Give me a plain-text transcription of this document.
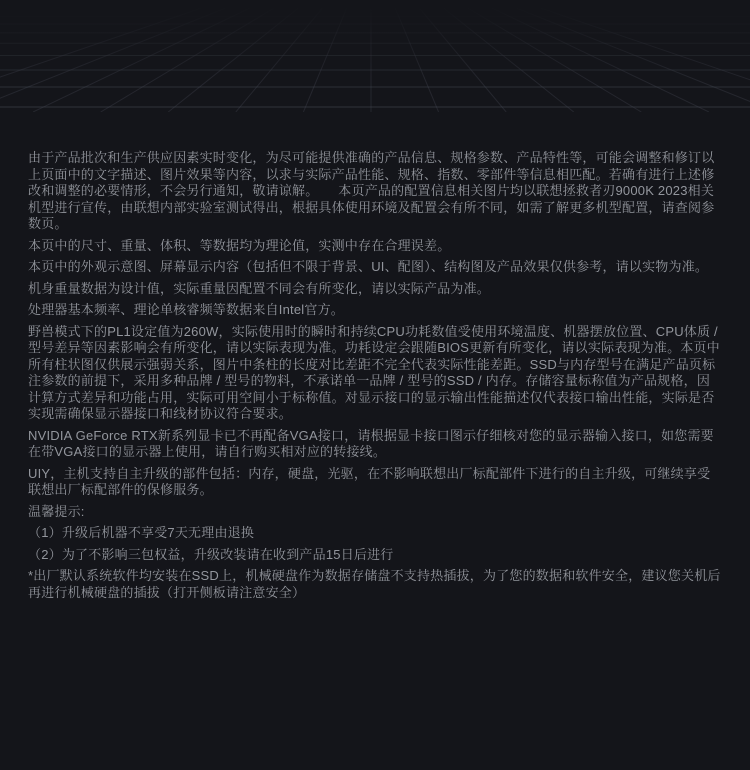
由于产品批次和生产供应因素实时变化，为尽可能提供准确的产品信息、规格参数、产品特性等，可能会调整和修订以上页面中的文字描述、图片效果等内容，以求与实际产品性能、规格、指数、零部件等信息相匹配。若确有进行上述修改和调整的必要情形，不会另行通知，敬请谅解。　　本页产品的配置信息相关图片均以联想拯救者刃9000K 2023相关机型进行宣传，由联想内部实验室测试得出，根据具体使用环境及配置会有所不同，如需了解更多机型配置，请查阅参数页。

本页中的尺寸、重量、体积、等数据均为理论值，实测中存在合理误差。

本页中的外观示意图、屏幕显示内容（包括但不限于背景、UI、配图）、结构图及产品效果仅供参考，请以实物为准。

机身重量数据为设计值，实际重量因配置不同会有所变化，请以实际产品为准。

处理器基本频率、理论单核睿频等数据来自Intel官方。

野兽模式下的PL1设定值为260W，实际使用时的瞬时和持续CPU功耗数值受使用环境温度、机器摆放位置、CPU体质 / 型号差异等因素影响会有所变化，请以实际表现为准。功耗设定会跟随BIOS更新有所变化，请以实际表现为准。本页中所有柱状图仅供展示强弱关系，图片中条柱的长度对比差距不完全代表实际性能差距。SSD与内存型号在满足产品页标注参数的前提下，采用多种品牌 / 型号的物料，不承诺单一品牌 / 型号的SSD / 内存。存储容量标称值为产品规格，因计算方式差异和功能占用，实际可用空间小于标称值。对显示接口的显示输出性能描述仅代表接口输出性能，实际是否实现需确保显示器接口和线材协议符合要求。

NVIDIA GeForce RTX新系列显卡已不再配备VGA接口，请根据显卡接口图示仔细核对您的显示器输入接口，如您需要在带VGA接口的显示器上使用，请自行购买相对应的转接线。

UIY，主机支持自主升级的部件包括：内存，硬盘，光驱，在不影响联想出厂标配部件下进行的自主升级，可继续享受联想出厂标配部件的保修服务。

温馨提示:

（1）升级后机器不享受7天无理由退换

（2）为了不影响三包权益，升级改装请在收到产品15日后进行

*出厂默认系统软件均安装在SSD上，机械硬盘作为数据存储盘不支持热插拔，为了您的数据和软件安全，建议您关机后再进行机械硬盘的插拔（打开侧板请注意安全）
